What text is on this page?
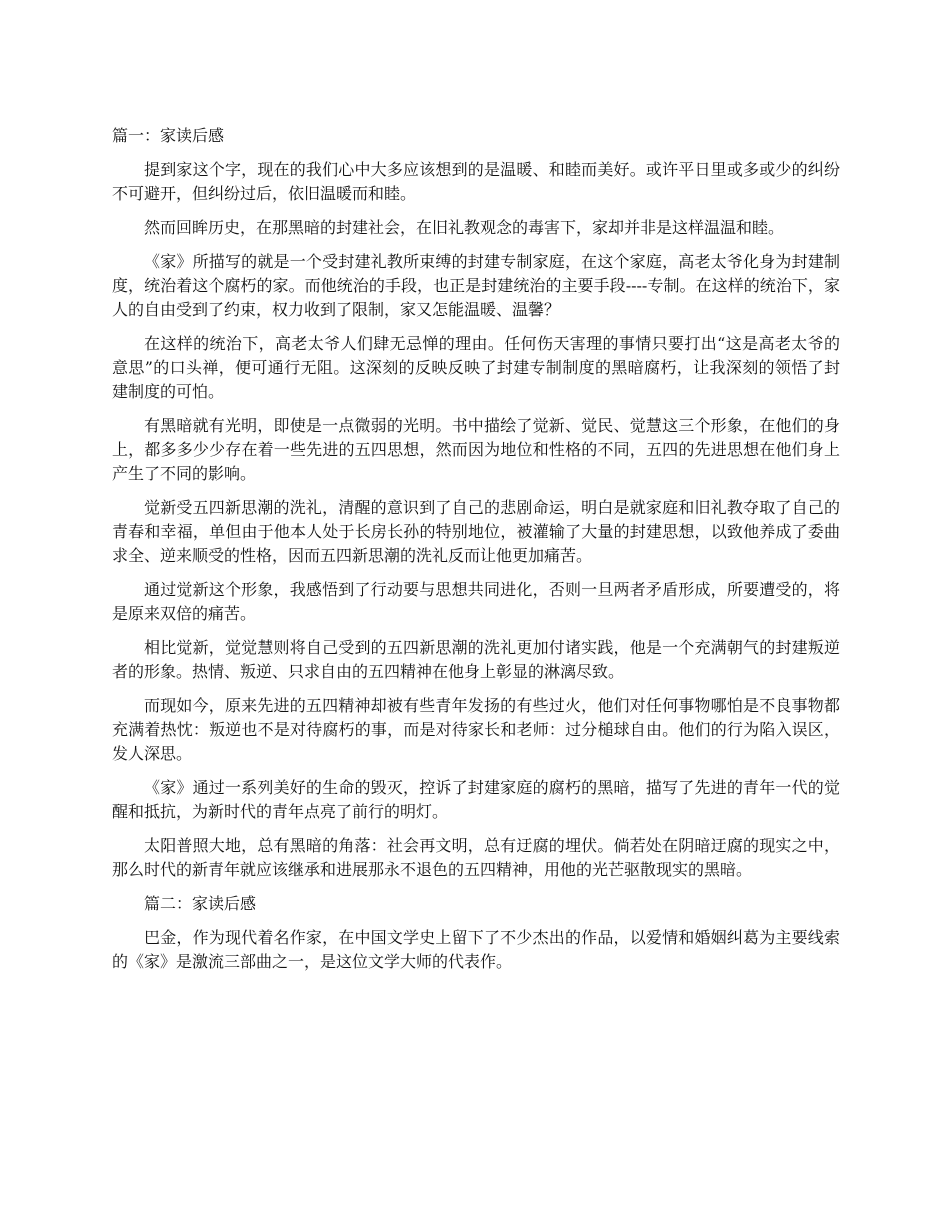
篇一：家读后感

提到家这个字，现在的我们心中大多应该想到的是温暖、和睦而美好。或许平日里或多或少的纠纷不可避开，但纠纷过后，依旧温暖而和睦。

然而回眸历史，在那黑暗的封建社会，在旧礼教观念的毒害下，家却并非是这样温温和睦。

《家》所描写的就是一个受封建礼教所束缚的封建专制家庭，在这个家庭，高老太爷化身为封建制度，统治着这个腐朽的家。而他统治的手段，也正是封建统治的主要手段----专制。在这样的统治下，家人的自由受到了约束，权力收到了限制，家又怎能温暖、温馨？

在这样的统治下，高老太爷人们肆无忌惮的理由。任何伤天害理的事情只要打出“这是高老太爷的意思”的口头禅，便可通行无阻。这深刻的反映反映了封建专制制度的黑暗腐朽，让我深刻的领悟了封建制度的可怕。

有黑暗就有光明，即使是一点微弱的光明。书中描绘了觉新、觉民、觉慧这三个形象，在他们的身上，都多多少少存在着一些先进的五四思想，然而因为地位和性格的不同，五四的先进思想在他们身上产生了不同的影响。

觉新受五四新思潮的洗礼，清醒的意识到了自己的悲剧命运，明白是就家庭和旧礼教夺取了自己的青春和幸福，单但由于他本人处于长房长孙的特别地位，被灌输了大量的封建思想，以致他养成了委曲求全、逆来顺受的性格，因而五四新思潮的洗礼反而让他更加痛苦。

通过觉新这个形象，我感悟到了行动要与思想共同进化，否则一旦两者矛盾形成，所要遭受的，将是原来双倍的痛苦。

相比觉新，觉觉慧则将自己受到的五四新思潮的洗礼更加付诸实践，他是一个充满朝气的封建叛逆者的形象。热情、叛逆、只求自由的五四精神在他身上彰显的淋漓尽致。

而现如今，原来先进的五四精神却被有些青年发扬的有些过火，他们对任何事物哪怕是不良事物都充满着热忱：叛逆也不是对待腐朽的事，而是对待家长和老师：过分槌球自由。他们的行为陷入误区，发人深思。

《家》通过一系列美好的生命的毁灭，控诉了封建家庭的腐朽的黑暗，描写了先进的青年一代的觉醒和抵抗，为新时代的青年点亮了前行的明灯。

太阳普照大地，总有黑暗的角落：社会再文明，总有迂腐的埋伏。倘若处在阴暗迂腐的现实之中，那么时代的新青年就应该继承和进展那永不退色的五四精神，用他的光芒驱散现实的黑暗。

篇二：家读后感

巴金，作为现代着名作家，在中国文学史上留下了不少杰出的作品，以爱情和婚姻纠葛为主要线索的《家》是激流三部曲之一，是这位文学大师的代表作。
